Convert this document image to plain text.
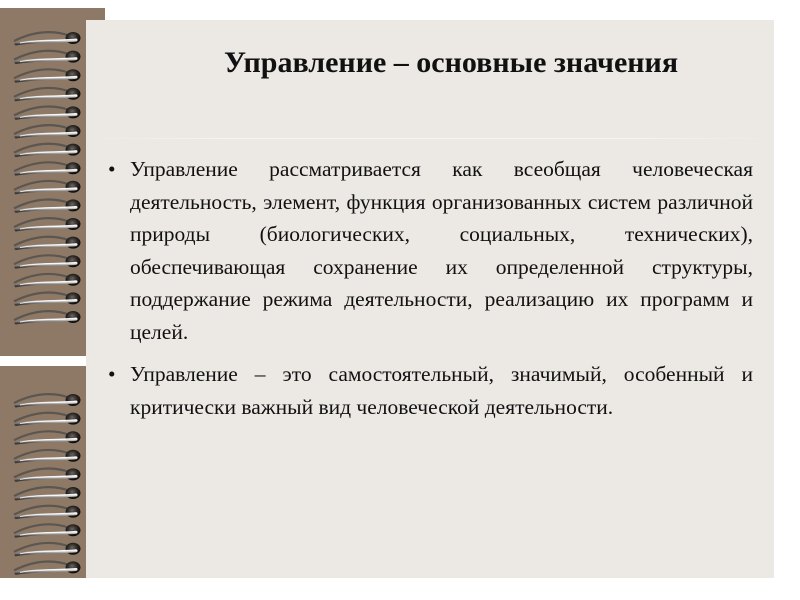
Управление – основные значения
• Управление рассматривается как всеобщая человеческая деятельность, элемент, функция организованных систем различной природы (биологических, социальных, технических), обеспечивающая сохранение их определенной структуры, поддержание режима деятельности, реализацию их программ и целей.
• Управление – это самостоятельный, значимый, особенный и критически важный вид человеческой деятельности.
